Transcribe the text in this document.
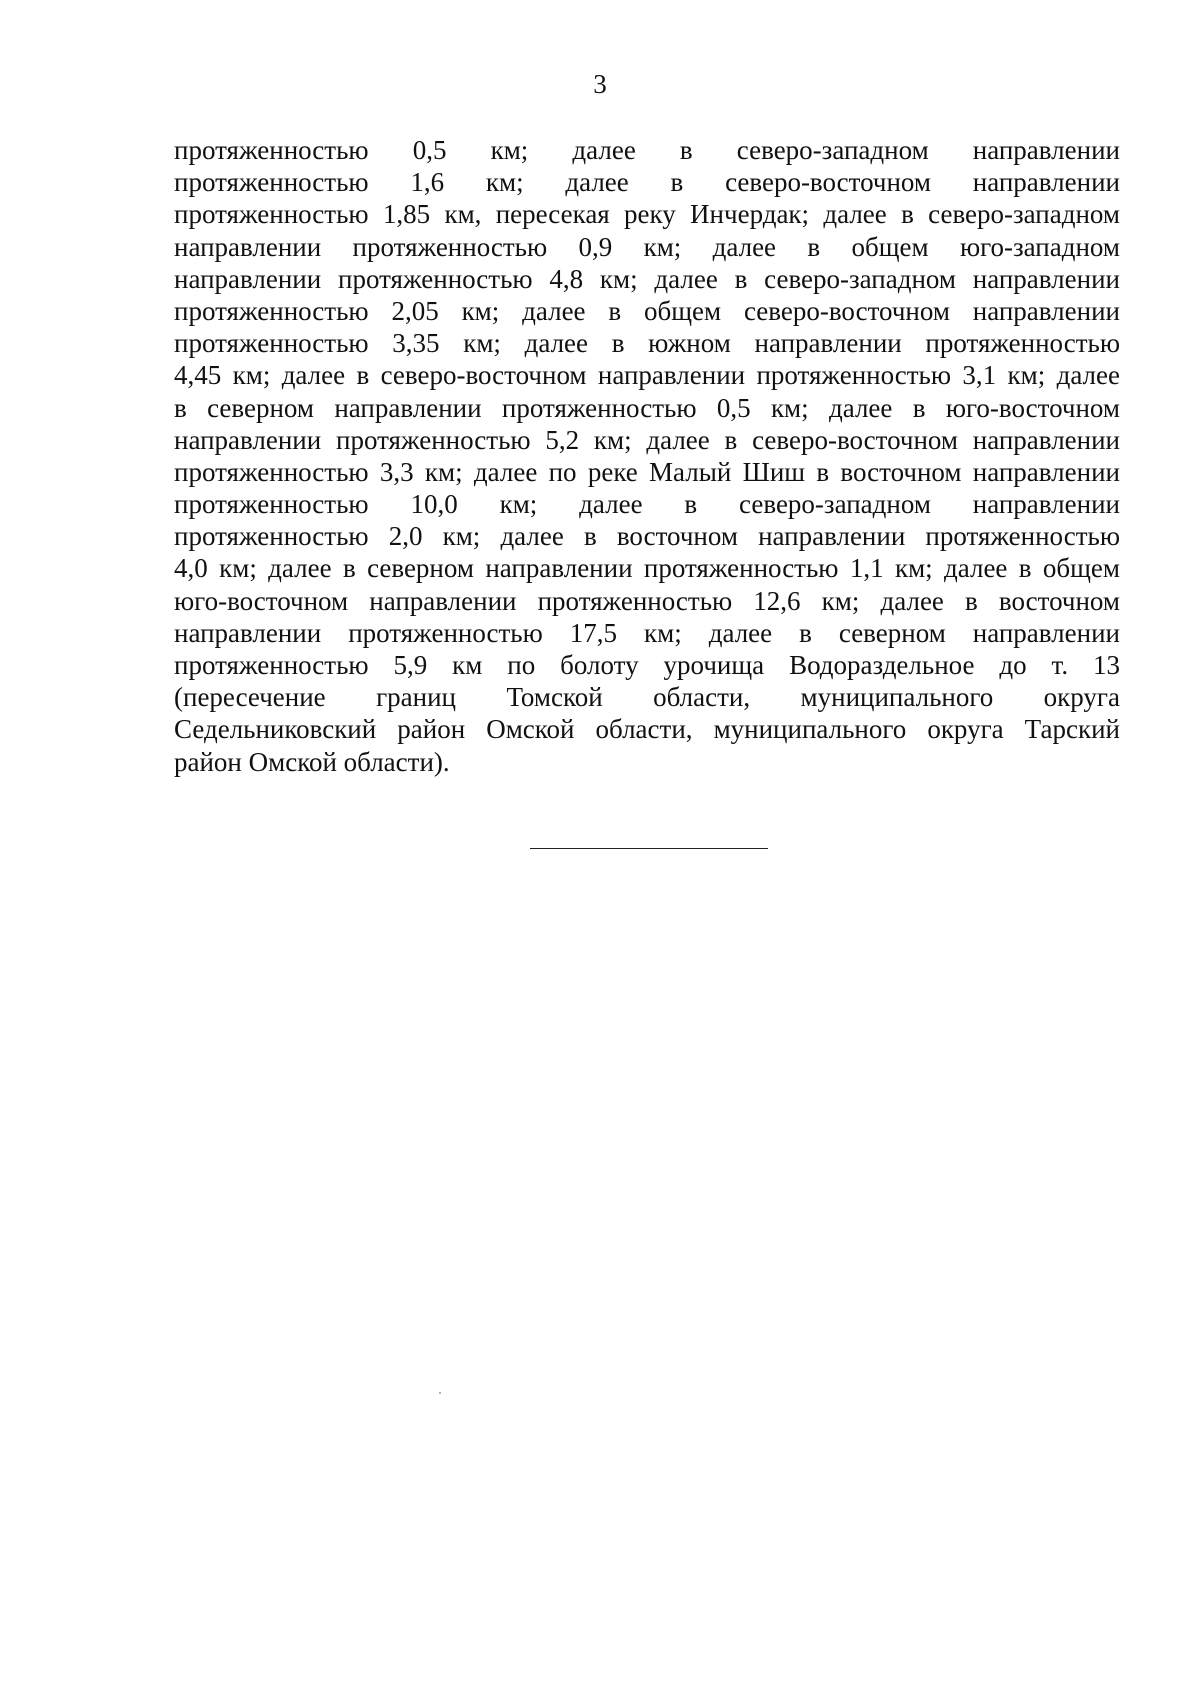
3
протяженностью 0,5 км; далее в северо-западном направлении
протяженностью 1,6 км; далее в северо-восточном направлении
протяженностью 1,85 км, пересекая реку Инчердак; далее в северо-западном
направлении протяженностью 0,9 км; далее в общем юго-западном
направлении протяженностью 4,8 км; далее в северо-западном направлении
протяженностью 2,05 км; далее в общем северо-восточном направлении
протяженностью 3,35 км; далее в южном направлении протяженностью
4,45 км; далее в северо-восточном направлении протяженностью 3,1 км; далее
в северном направлении протяженностью 0,5 км; далее в юго-восточном
направлении протяженностью 5,2 км; далее в северо-восточном направлении
протяженностью 3,3 км; далее по реке Малый Шиш в восточном направлении
протяженностью 10,0 км; далее в северо-западном направлении
протяженностью 2,0 км; далее в восточном направлении протяженностью
4,0 км; далее в северном направлении протяженностью 1,1 км; далее в общем
юго-восточном направлении протяженностью 12,6 км; далее в восточном
направлении протяженностью 17,5 км; далее в северном направлении
протяженностью 5,9 км по болоту урочища Водораздельное до т. 13
(пересечение границ Томской области, муниципального округа
Седельниковский район Омской области, муниципального округа Тарский
район Омской области).
